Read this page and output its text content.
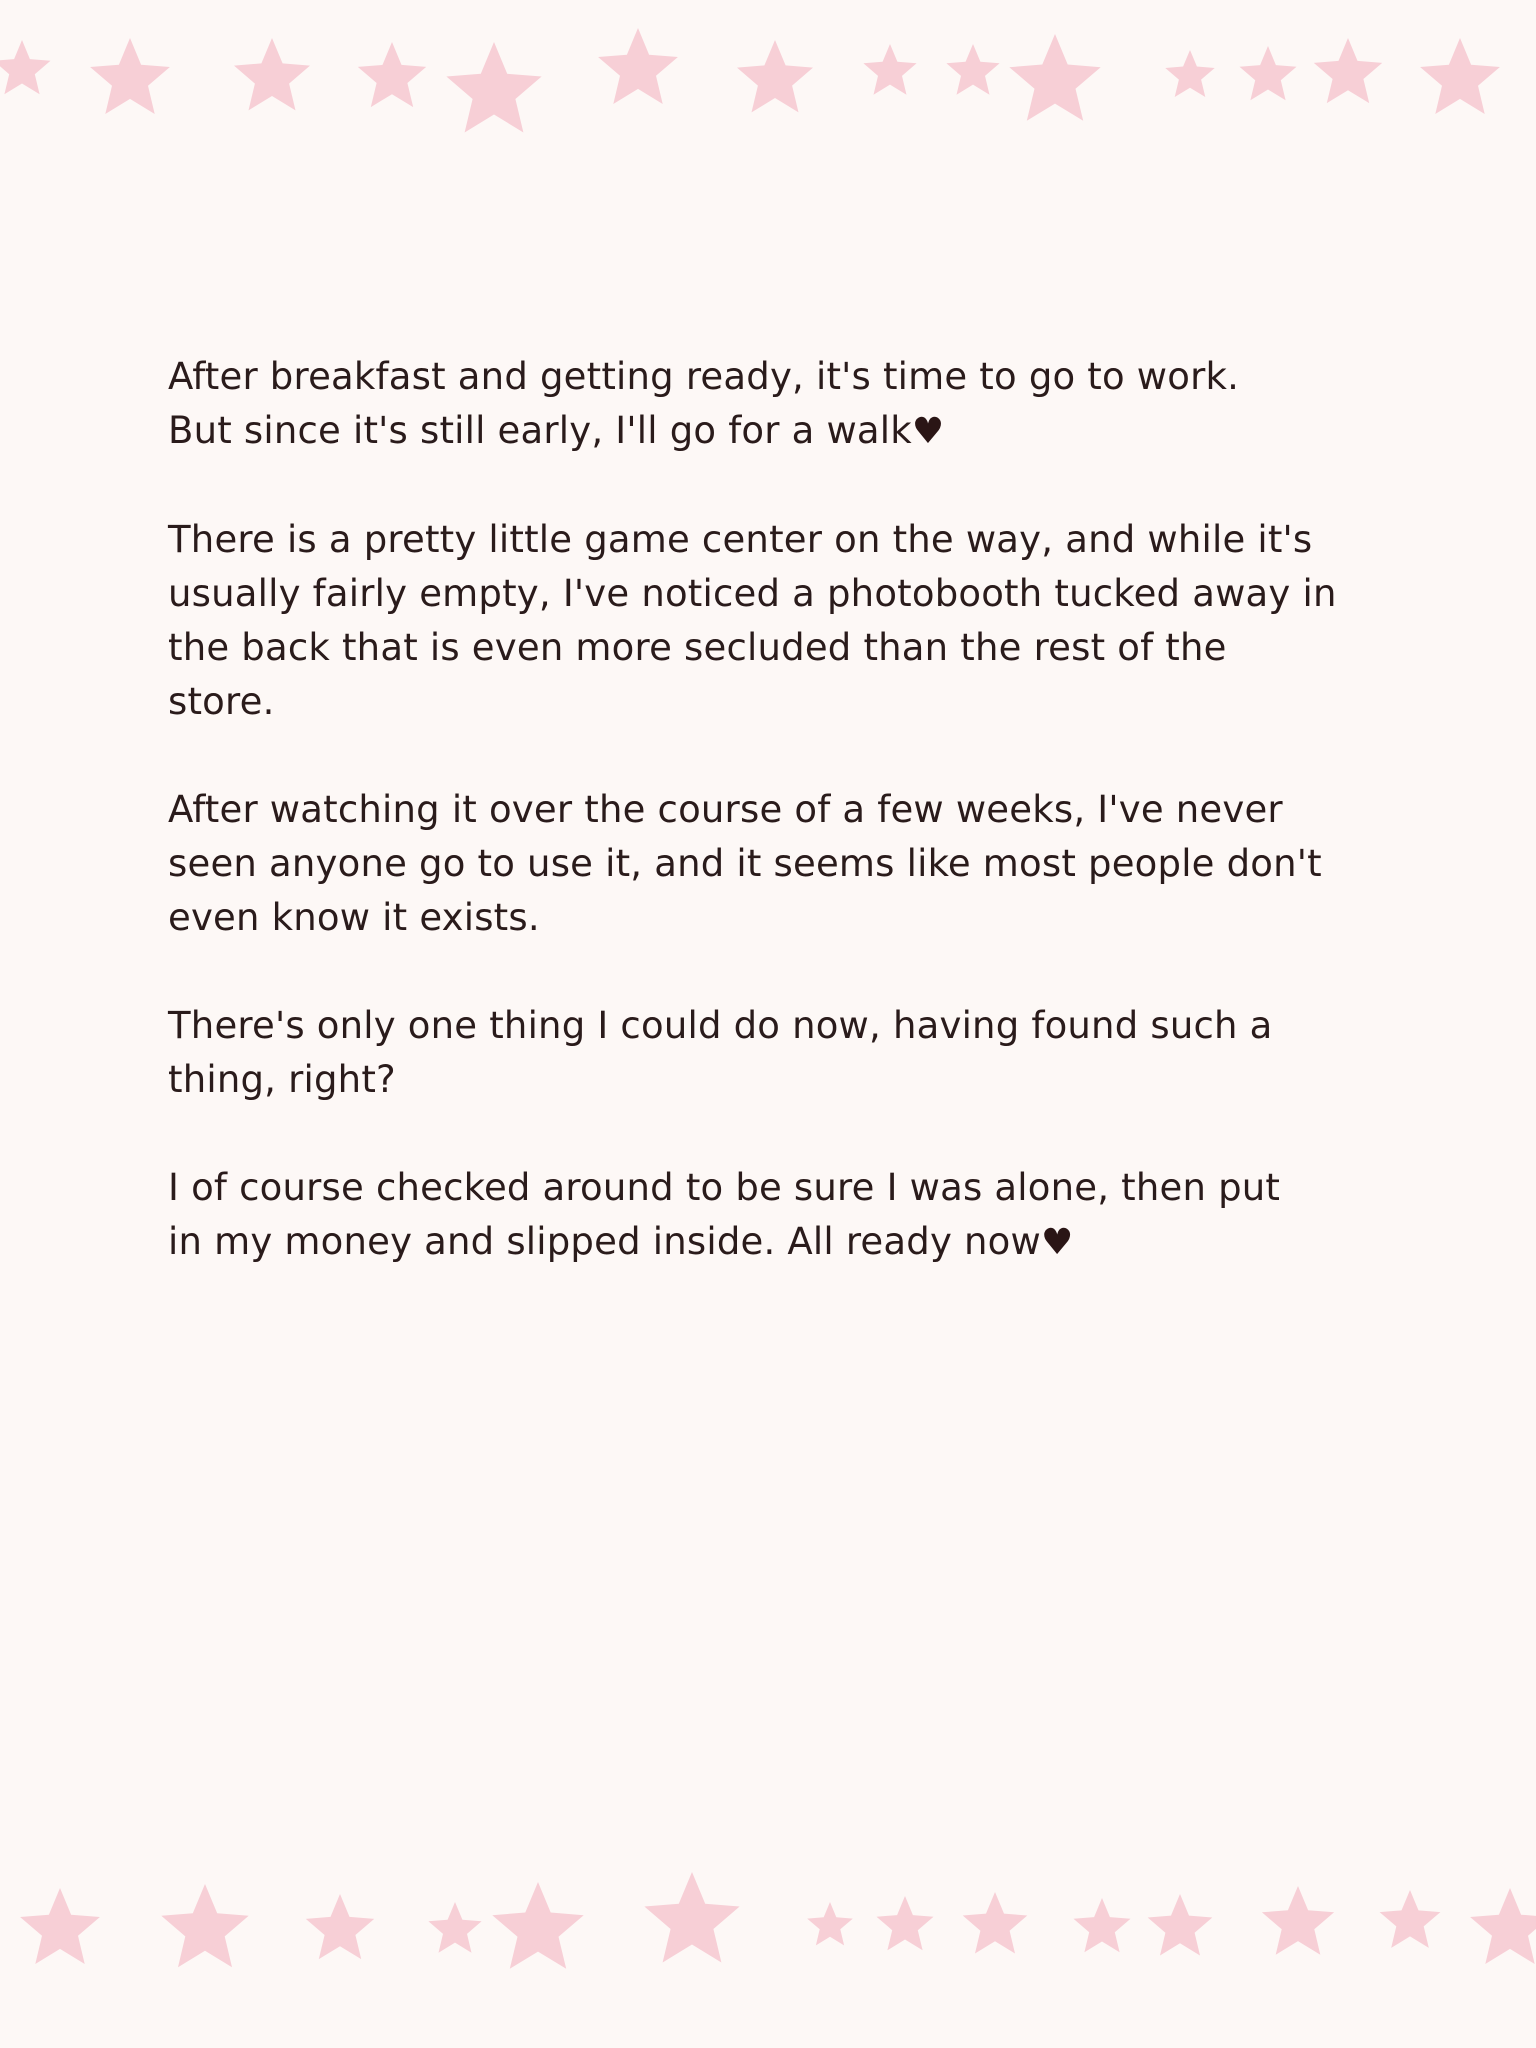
After breakfast and getting ready, it's time to go to work.
But since it's still early, I'll go for a walk♥

There is a pretty little game center on the way, and while it's
usually fairly empty, I've noticed a photobooth tucked away in
the back that is even more secluded than the rest of the
store.

After watching it over the course of a few weeks, I've never
seen anyone go to use it, and it seems like most people don't
even know it exists.

There's only one thing I could do now, having found such a
thing, right?

I of course checked around to be sure I was alone, then put
in my money and slipped inside. All ready now♥
